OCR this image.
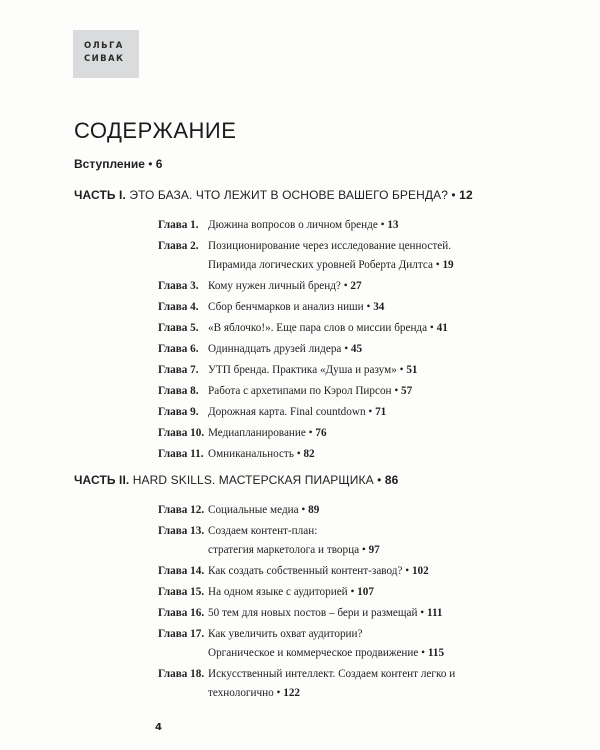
ОЛЬГА
СИВАК
СОДЕРЖАНИЕ
Вступление • 6
ЧАСТЬ I. ЭТО БАЗА. ЧТО ЛЕЖИТ В ОСНОВЕ ВАШЕГО БРЕНДА? • 12
Глава 1. Дюжина вопросов о личном бренде • 13
Глава 2. Позиционирование через исследование ценностей.
Пирамида логических уровней Роберта Дилтса • 19
Глава 3. Кому нужен личный бренд? • 27
Глава 4. Сбор бенчмарков и анализ ниши • 34
Глава 5. «В яблочко!». Еще пара слов о миссии бренда • 41
Глава 6. Одиннадцать друзей лидера • 45
Глава 7. УТП бренда. Практика «Душа и разум» • 51
Глава 8. Работа с архетипами по Кэрол Пирсон • 57
Глава 9. Дорожная карта. Final countdown • 71
Глава 10. Медиапланирование • 76
Глава 11. Омниканальность • 82
ЧАСТЬ II. HARD SKILLS. МАСТЕРСКАЯ ПИАРЩИКА • 86
Глава 12. Социальные медиа • 89
Глава 13. Создаем контент-план:
стратегия маркетолога и творца • 97
Глава 14. Как создать собственный контент-завод? • 102
Глава 15. На одном языке с аудиторией • 107
Глава 16. 50 тем для новых постов – бери и размещай • 111
Глава 17. Как увеличить охват аудитории?
Органическое и коммерческое продвижение • 115
Глава 18. Искусственный интеллект. Создаем контент легко и
технологично • 122
4
